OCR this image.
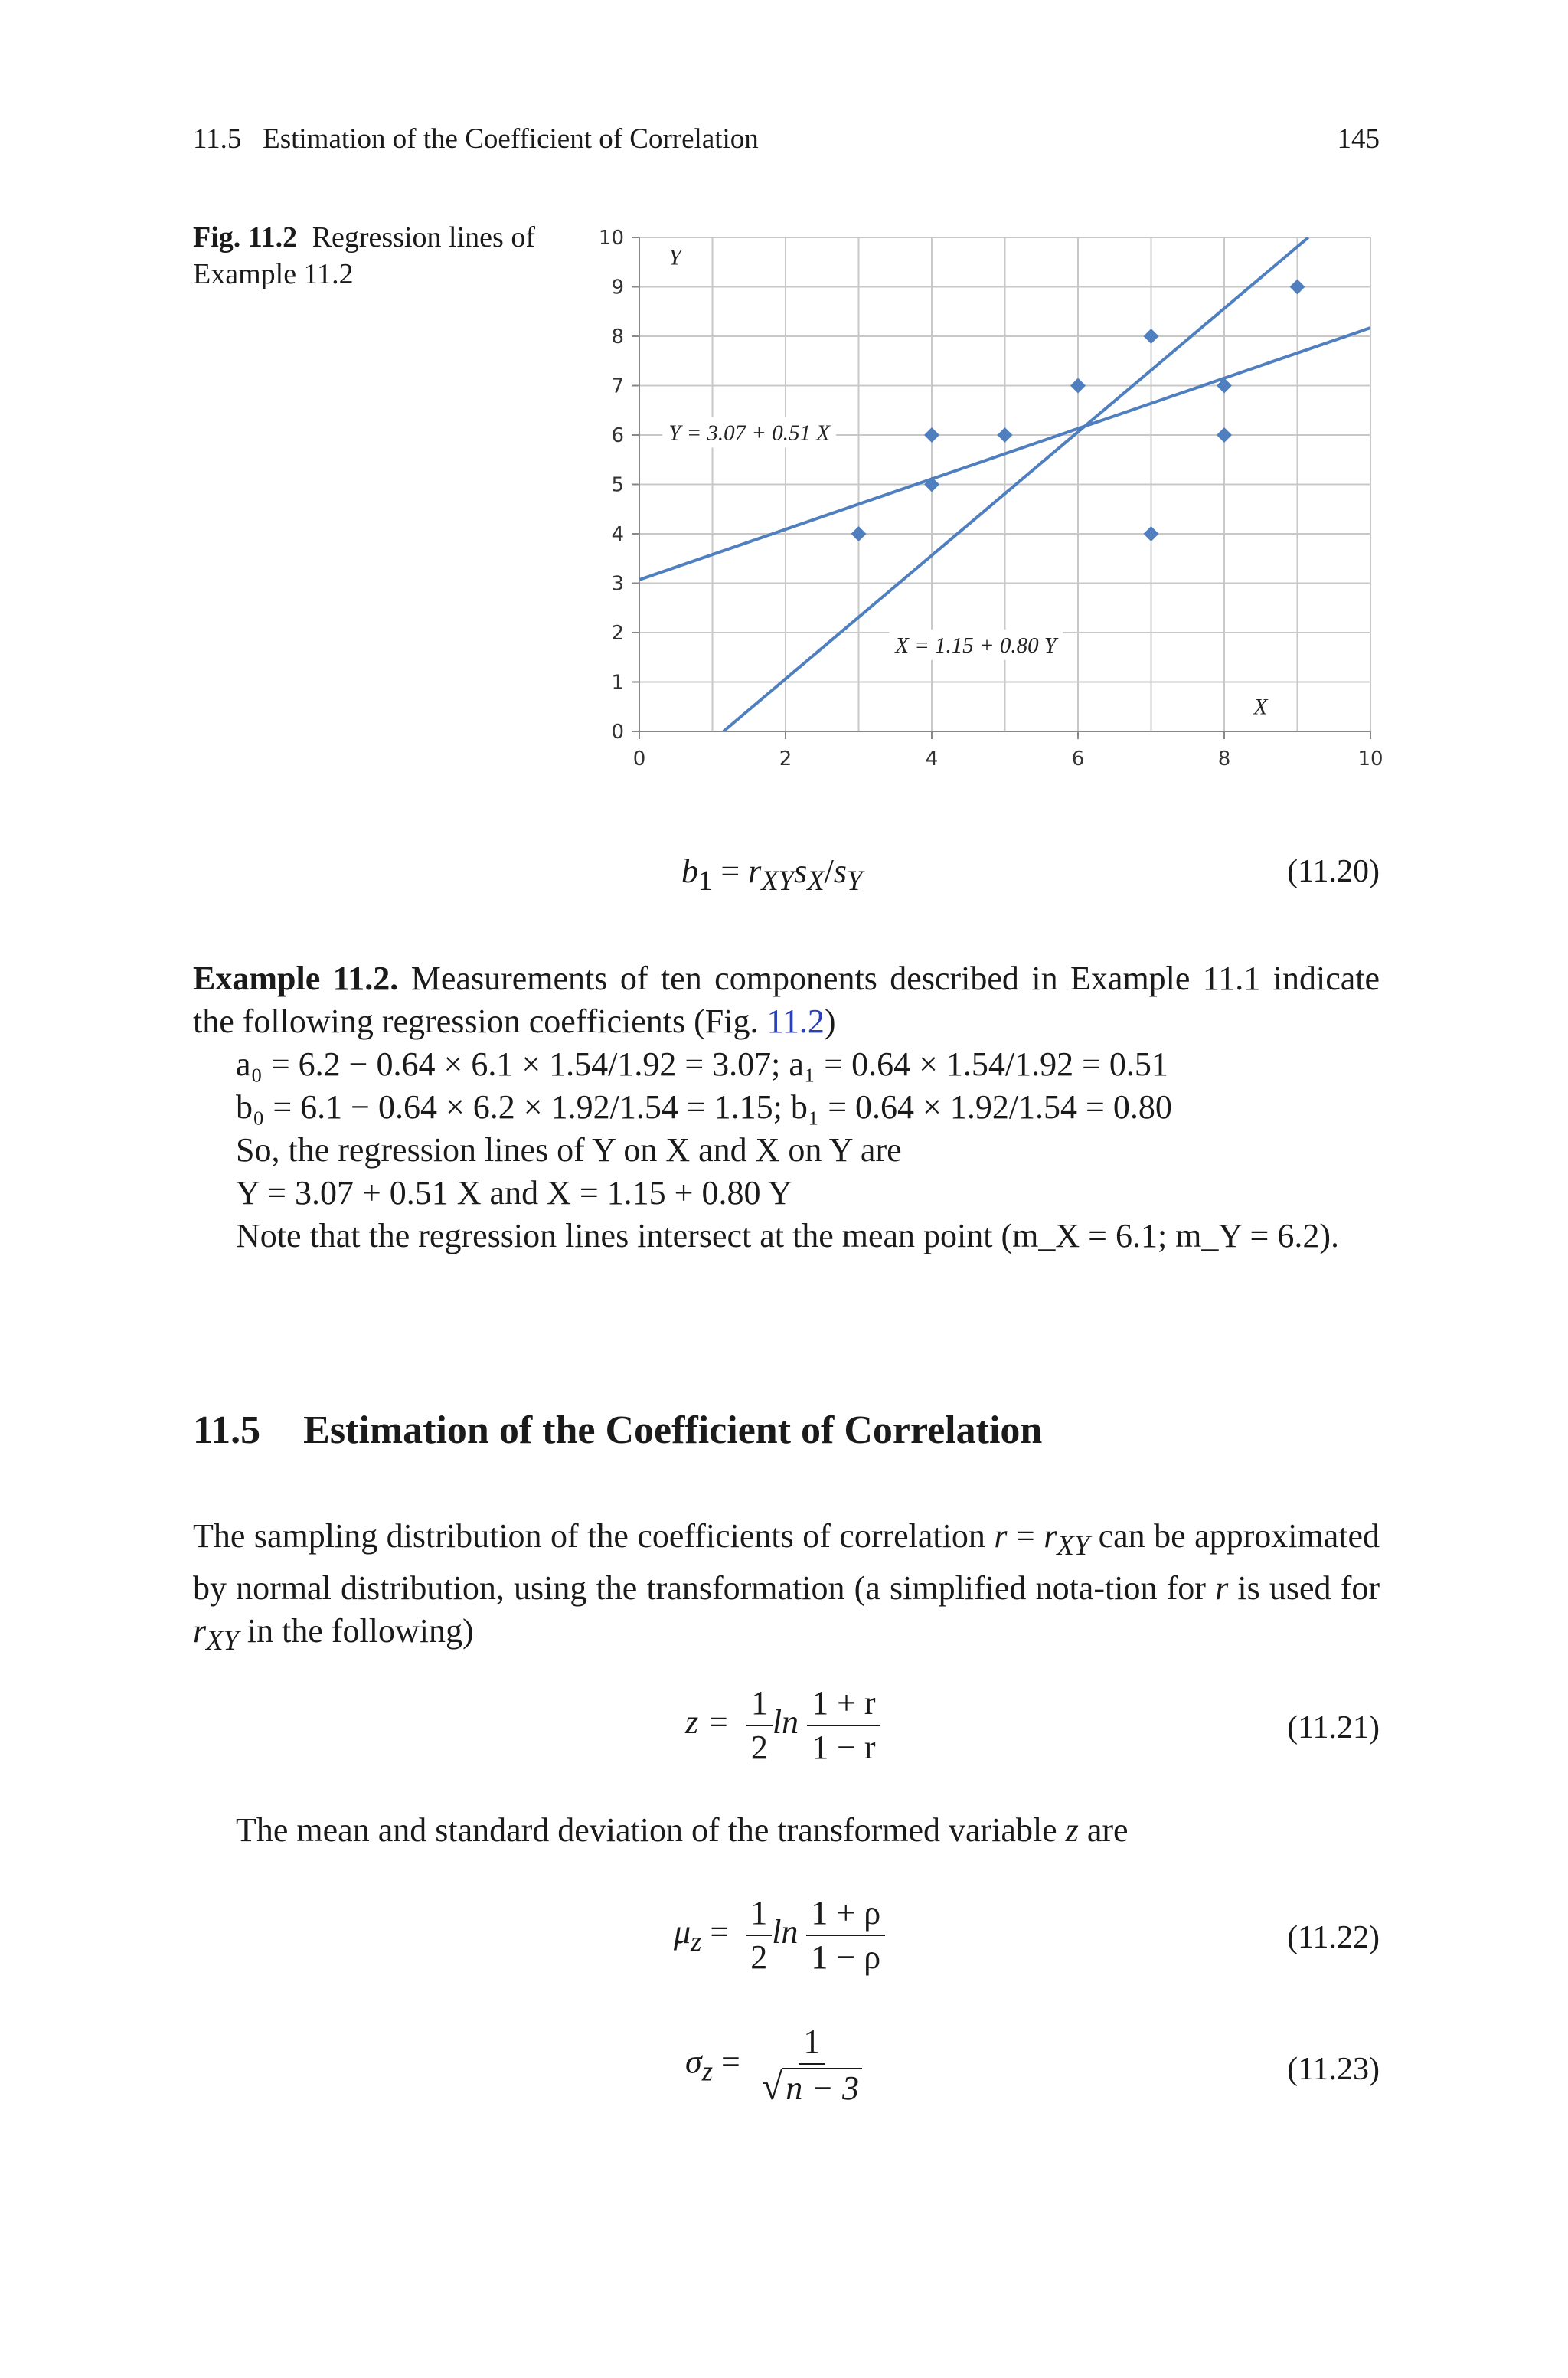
11.5   Estimation of the Coefficient of Correlation	145
Fig. 11.2 Regression lines of Example 11.2
0
1
2
3
4
5
6
7
8
9
10
0	2	4	6	8	10
Y = 3.07 + 0.51 X
X = 1.15 + 0.80 Y
Y
X
$b_1 = r_{XY}s_X/s_Y$	(11.20)
Example 11.2. Measurements of ten components described in Example 11.1 indicate the following regression coefficients (Fig. 11.2)
a₀ = 6.2 − 0.64 × 6.1 × 1.54/1.92 = 3.07; a₁ = 0.64 × 1.54/1.92 = 0.51
b₀ = 6.1 − 0.64 × 6.2 × 1.92/1.54 = 1.15; b₁ = 0.64 × 1.92/1.54 = 0.80
So, the regression lines of Y on X and X on Y are
Y = 3.07 + 0.51 X and X = 1.15 + 0.80 Y
Note that the regression lines intersect at the mean point (m_X = 6.1; m_Y = 6.2).
11.5 Estimation of the Coefficient of Correlation
The sampling distribution of the coefficients of correlation $r = r_{XY}$ can be approximated by normal distribution, using the transformation (a simplified nota-tion for r is used for $r_{XY}$ in the following)
$z = \frac{1}{2}$ $\ln \frac{1 + r}{1 - r}$	(11.21)
The mean and standard deviation of the transformed variable z are
$\mu_z = \frac{1}{2}$ $\ln \frac{1 + \rho}{1 - \rho}$	(11.22)
$\sigma_z = \frac{1}{√n - 3}$	(11.23)
